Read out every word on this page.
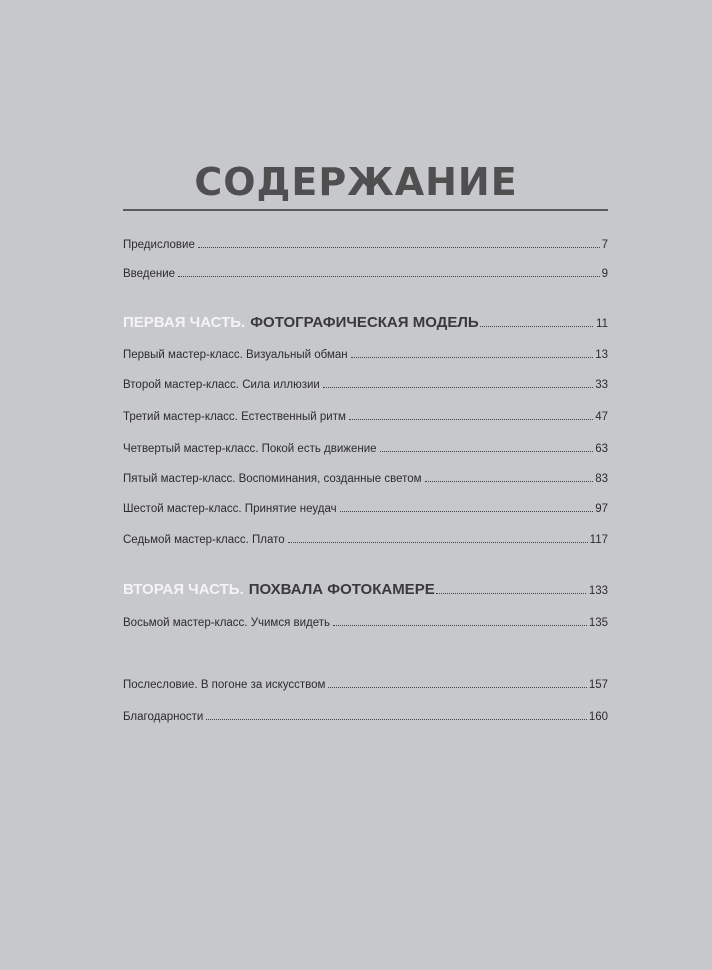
СОДЕРЖАНИЕ
Предисловие	7
Введение	9
ПЕРВАЯ ЧАСТЬ. ФОТОГРАФИЧЕСКАЯ МОДЕЛЬ	11
Первый мастер-класс. Визуальный обман	13
Второй мастер-класс. Сила иллюзии	33
Третий мастер-класс. Естественный ритм	47
Четвертый мастер-класс. Покой есть движение	63
Пятый мастер-класс. Воспоминания, созданные светом	83
Шестой мастер-класс. Принятие неудач	97
Седьмой мастер-класс. Плато	117
ВТОРАЯ ЧАСТЬ. ПОХВАЛА ФОТОКАМЕРЕ	133
Восьмой мастер-класс. Учимся видеть	135
Послесловие. В погоне за искусством	157
Благодарности	160
